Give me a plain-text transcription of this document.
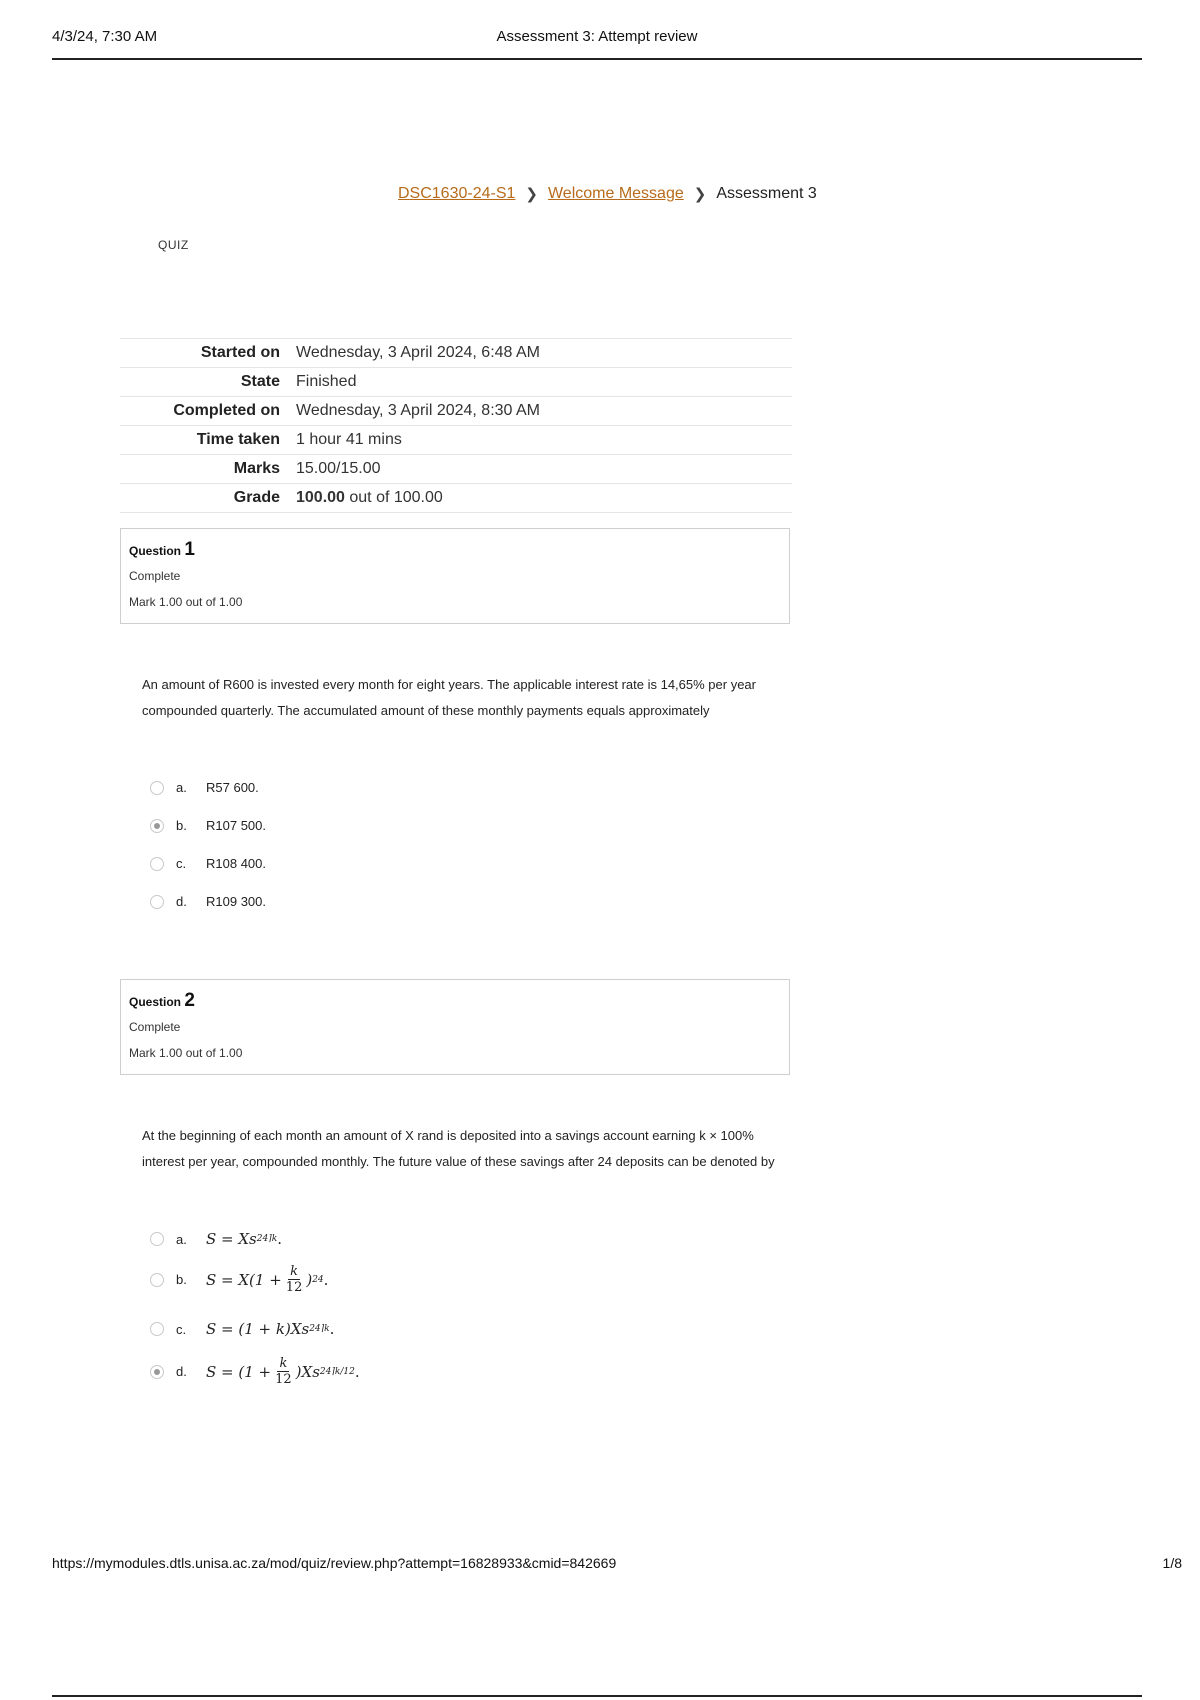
4/3/24, 7:30 AM	Assessment 3: Attempt review
DSC1630-24-S1 ❯ Welcome Message ❯ Assessment 3
QUIZ
Started on	Wednesday, 3 April 2024, 6:48 AM
State	Finished
Completed on	Wednesday, 3 April 2024, 8:30 AM
Time taken	1 hour 41 mins
Marks	15.00/15.00
Grade	100.00 out of 100.00
Question 1
Complete
Mark 1.00 out of 1.00
An amount of R600 is invested every month for eight years. The applicable interest rate is 14,65% per year compounded quarterly. The accumulated amount of these monthly payments equals approximately
a.	R57 600.
b.	R107 500.
c.	R108 400.
d.	R109 300.
Question 2
Complete
Mark 1.00 out of 1.00
At the beginning of each month an amount of X rand is deposited into a savings account earning k × 100% interest per year, compounded monthly. The future value of these savings after 24 deposits can be denoted by
a.	S = Xs 24⌉k .
b.	$S = X(1 + \frac{k}{12}$ ) 24 .
c.	S = (1 + k)Xs 24⌉k .
d.	$S = (1 + \frac{k}{12} )Xs$ 24⌉k/12 .
https://mymodules.dtls.unisa.ac.za/mod/quiz/review.php?attempt=16828933&cmid=842669	1/8
